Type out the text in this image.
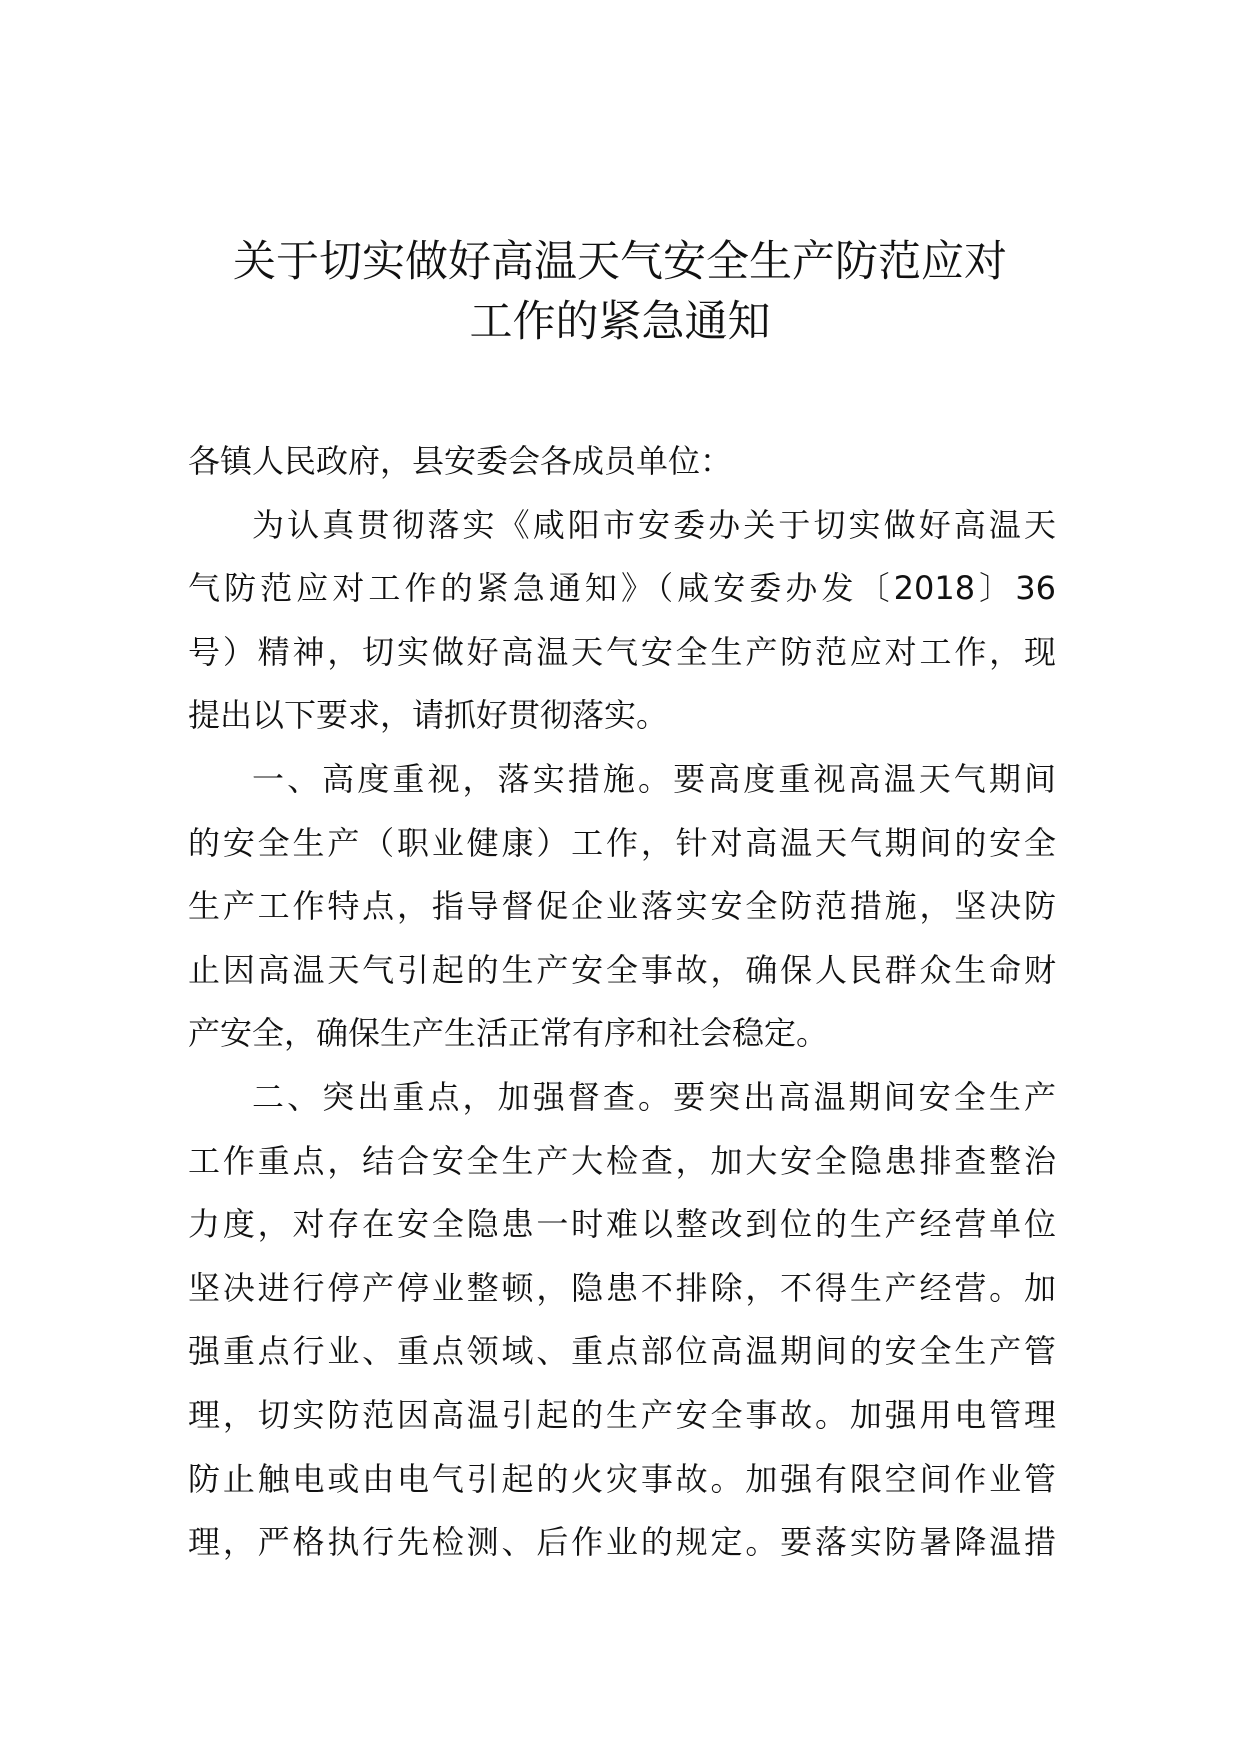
关于切实做好高温天气安全生产防范应对
工作的紧急通知
各镇人民政府，县安委会各成员单位：
为认真贯彻落实《咸阳市安委办关于切实做好高温天
气防范应对工作的紧急通知》（咸安委办发〔2018〕36
号）精神，切实做好高温天气安全生产防范应对工作，现
提出以下要求，请抓好贯彻落实。
一、高度重视，落实措施。要高度重视高温天气期间
的安全生产（职业健康）工作，针对高温天气期间的安全
生产工作特点，指导督促企业落实安全防范措施，坚决防
止因高温天气引起的生产安全事故，确保人民群众生命财
产安全，确保生产生活正常有序和社会稳定。
二、突出重点，加强督查。要突出高温期间安全生产
工作重点，结合安全生产大检查，加大安全隐患排查整治
力度，对存在安全隐患一时难以整改到位的生产经营单位
坚决进行停产停业整顿，隐患不排除，不得生产经营。加
强重点行业、重点领域、重点部位高温期间的安全生产管
理，切实防范因高温引起的生产安全事故。加强用电管理
防止触电或由电气引起的火灾事故。加强有限空间作业管
理，严格执行先检测、后作业的规定。要落实防暑降温措
